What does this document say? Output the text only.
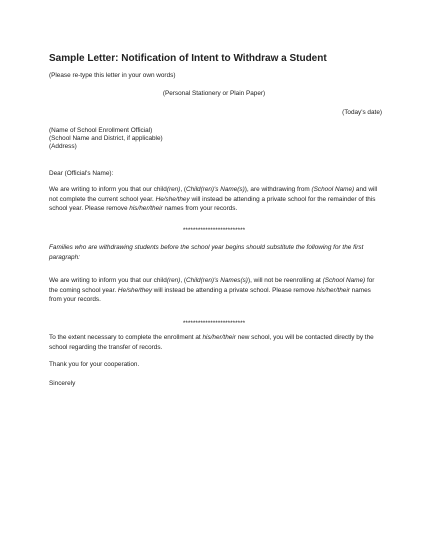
Sample Letter: Notification of Intent to Withdraw a Student
(Please re-type this letter in your own words)
(Personal Stationery or Plain Paper)
(Today's date)
(Name of School Enrollment Official)
(School Name and District, if applicable)
(Address)
Dear (Official's Name):
We are writing to inform you that our child(ren), (Child(ren)'s Name(s)), are withdrawing from (School Name) and will not complete the current school year. He/she/they will instead be attending a private school for the remainder of this school year. Please remove his/her/their names from your records.
*************************
Families who are withdrawing students before the school year begins should substitute the following for the first paragraph:
We are writing to inform you that our child(ren), (Child(ren)'s Names(s)), will not be reenrolling at (School Name) for the coming school year. He/she/they will instead be attending a private school. Please remove his/her/their names from your records.
*************************
To the extent necessary to complete the enrollment at his/her/their new school, you will be contacted directly by the school regarding the transfer of records.
Thank you for your cooperation.
Sincerely
